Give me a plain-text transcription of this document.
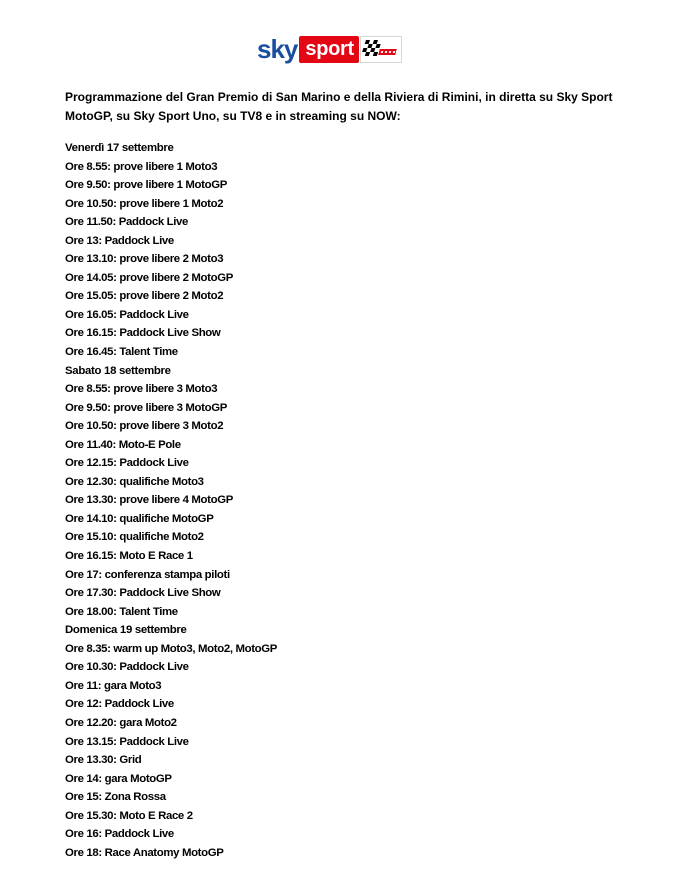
sky sport

Programmazione del Gran Premio di San Marino e della Riviera di Rimini, in diretta su Sky Sport MotoGP, su Sky Sport Uno, su TV8 e in streaming su NOW:

Venerdì 17 settembre
Ore 8.55: prove libere 1 Moto3
Ore 9.50: prove libere 1 MotoGP
Ore 10.50: prove libere 1 Moto2
Ore 11.50: Paddock Live
Ore 13: Paddock Live
Ore 13.10: prove libere 2 Moto3
Ore 14.05: prove libere 2 MotoGP
Ore 15.05: prove libere 2 Moto2
Ore 16.05: Paddock Live
Ore 16.15: Paddock Live Show
Ore 16.45: Talent Time
Sabato 18 settembre
Ore 8.55: prove libere 3 Moto3
Ore 9.50: prove libere 3 MotoGP
Ore 10.50: prove libere 3 Moto2
Ore 11.40: Moto-E Pole
Ore 12.15: Paddock Live
Ore 12.30: qualifiche Moto3
Ore 13.30: prove libere 4 MotoGP
Ore 14.10: qualifiche MotoGP
Ore 15.10: qualifiche Moto2
Ore 16.15: Moto E Race 1
Ore 17: conferenza stampa piloti
Ore 17.30: Paddock Live Show
Ore 18.00: Talent Time
Domenica 19 settembre
Ore 8.35: warm up Moto3, Moto2, MotoGP
Ore 10.30: Paddock Live
Ore 11: gara Moto3
Ore 12: Paddock Live
Ore 12.20: gara Moto2
Ore 13.15: Paddock Live
Ore 13.30: Grid
Ore 14: gara MotoGP
Ore 15: Zona Rossa
Ore 15.30: Moto E Race 2
Ore 16: Paddock Live
Ore 18: Race Anatomy MotoGP
